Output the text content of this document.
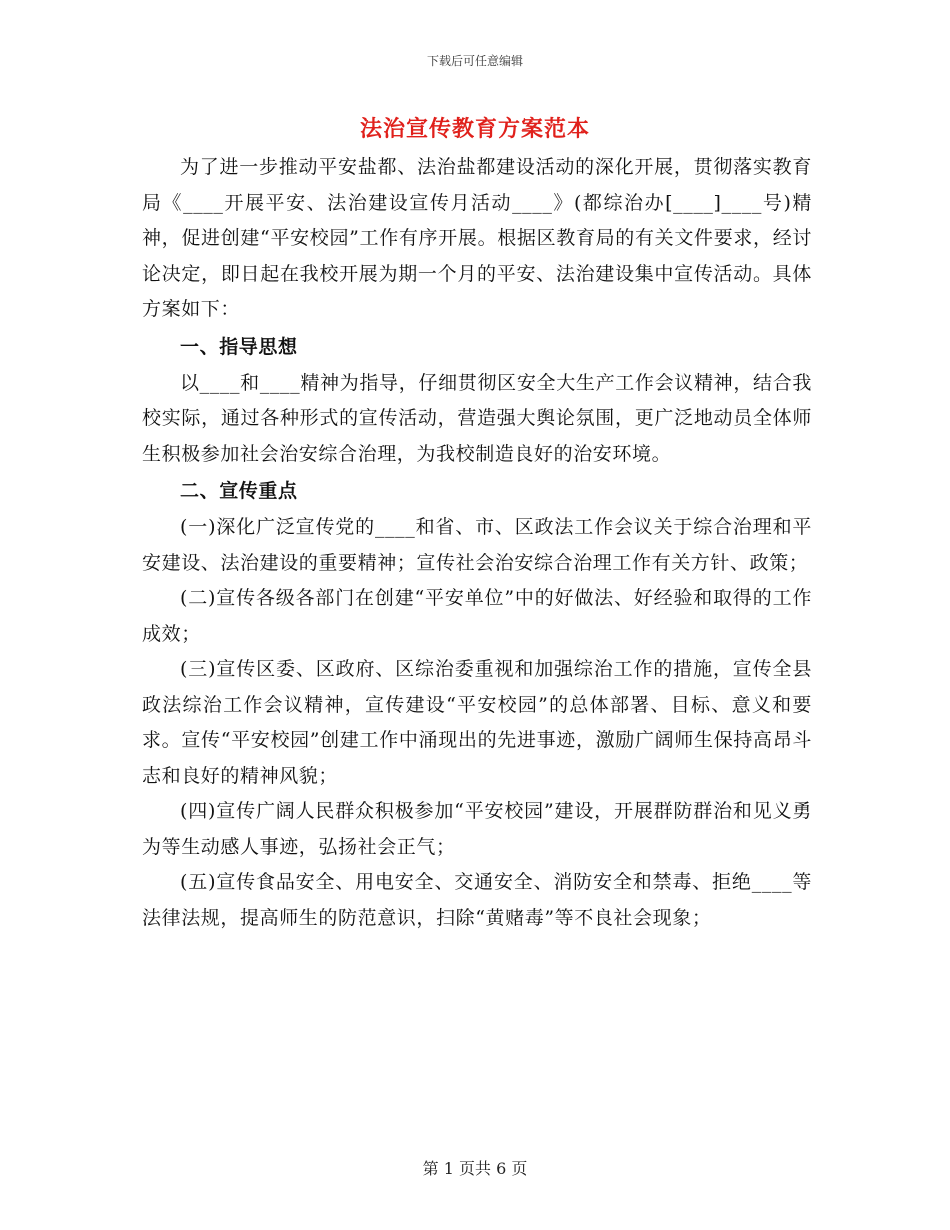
下载后可任意编辑
法治宣传教育方案范本

为了进一步推动平安盐都、法治盐都建设活动的深化开展，贯彻落实教育局《____开展平安、法治建设宣传月活动____》(都综治办[____]____号)精神，促进创建“平安校园”工作有序开展。根据区教育局的有关文件要求，经讨论决定，即日起在我校开展为期一个月的平安、法治建设集中宣传活动。具体方案如下：

一、指导思想

以____和____精神为指导，仔细贯彻区安全大生产工作会议精神，结合我校实际，通过各种形式的宣传活动，营造强大舆论氛围，更广泛地动员全体师生积极参加社会治安综合治理，为我校制造良好的治安环境。

二、宣传重点

(一)深化广泛宣传党的____和省、市、区政法工作会议关于综合治理和平安建设、法治建设的重要精神；宣传社会治安综合治理工作有关方针、政策；

(二)宣传各级各部门在创建“平安单位”中的好做法、好经验和取得的工作成效；

(三)宣传区委、区政府、区综治委重视和加强综治工作的措施，宣传全县政法综治工作会议精神，宣传建设“平安校园”的总体部署、目标、意义和要求。宣传“平安校园”创建工作中涌现出的先进事迹，激励广阔师生保持高昂斗志和良好的精神风貌；

(四)宣传广阔人民群众积极参加“平安校园”建设，开展群防群治和见义勇为等生动感人事迹，弘扬社会正气；

(五)宣传食品安全、用电安全、交通安全、消防安全和禁毒、拒绝____等法律法规，提高师生的防范意识，扫除“黄赌毒”等不良社会现象；

第 1 页共 6 页
